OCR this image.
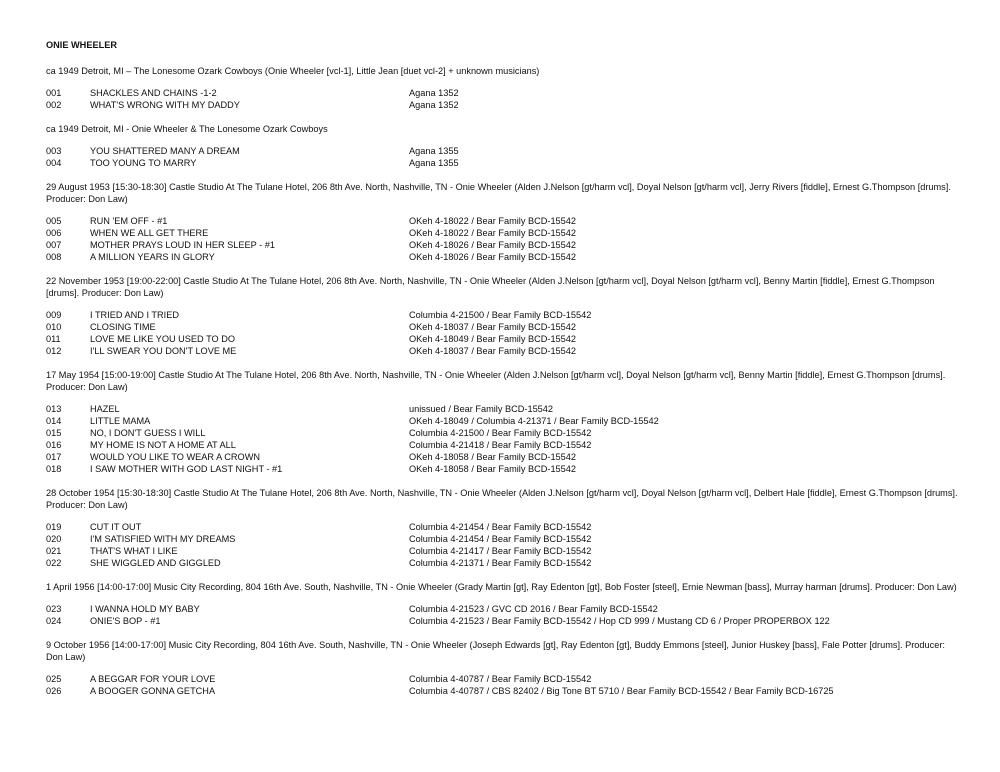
ONIE WHEELER
ca 1949 Detroit, MI – The Lonesome Ozark Cowboys (Onie Wheeler [vcl-1], Little Jean [duet vcl-2] + unknown musicians)
001	SHACKLES AND CHAINS -1-2	Agana 1352
002	WHAT'S WRONG WITH MY DADDY	Agana 1352
ca 1949 Detroit, MI - Onie Wheeler & The Lonesome Ozark Cowboys
003	YOU SHATTERED MANY A DREAM	Agana 1355
004	TOO YOUNG TO MARRY	Agana 1355
29 August 1953 [15:30-18:30] Castle Studio At The Tulane Hotel, 206 8th Ave. North, Nashville, TN - Onie Wheeler (Alden J.Nelson [gt/harm vcl], Doyal Nelson [gt/harm vcl], Jerry Rivers [fiddle], Ernest G.Thompson [drums]. Producer: Don Law)
005	RUN 'EM OFF - #1	OKeh 4-18022 / Bear Family BCD-15542
006	WHEN WE ALL GET THERE	OKeh 4-18022 / Bear Family BCD-15542
007	MOTHER PRAYS LOUD IN HER SLEEP - #1	OKeh 4-18026 / Bear Family BCD-15542
008	A MILLION YEARS IN GLORY	OKeh 4-18026 / Bear Family BCD-15542
22 November 1953 [19:00-22:00] Castle Studio At The Tulane Hotel, 206 8th Ave. North, Nashville, TN - Onie Wheeler (Alden J.Nelson [gt/harm vcl], Doyal Nelson [gt/harm vcl], Benny Martin [fiddle], Ernest G.Thompson [drums]. Producer: Don Law)
009	I TRIED AND I TRIED	Columbia 4-21500 / Bear Family BCD-15542
010	CLOSING TIME	OKeh 4-18037 / Bear Family BCD-15542
011	LOVE ME LIKE YOU USED TO DO	OKeh 4-18049 / Bear Family BCD-15542
012	I'LL SWEAR YOU DON'T LOVE ME	OKeh 4-18037 / Bear Family BCD-15542
17 May 1954 [15:00-19:00] Castle Studio At The Tulane Hotel, 206 8th Ave. North, Nashville, TN - Onie Wheeler (Alden J.Nelson [gt/harm vcl], Doyal Nelson [gt/harm vcl], Benny Martin [fiddle], Ernest G.Thompson [drums]. Producer: Don Law)
013	HAZEL	unissued / Bear Family BCD-15542
014	LITTLE MAMA	OKeh 4-18049 / Columbia 4-21371 / Bear Family BCD-15542
015	NO, I DON'T GUESS I WILL	Columbia 4-21500 / Bear Family BCD-15542
016	MY HOME IS NOT A HOME AT ALL	Columbia 4-21418 / Bear Family BCD-15542
017	WOULD YOU LIKE TO WEAR A CROWN	OKeh 4-18058 / Bear Family BCD-15542
018	I SAW MOTHER WITH GOD LAST NIGHT - #1	OKeh 4-18058 / Bear Family BCD-15542
28 October 1954 [15:30-18:30] Castle Studio At The Tulane Hotel, 206 8th Ave. North, Nashville, TN - Onie Wheeler (Alden J.Nelson [gt/harm vcl], Doyal Nelson [gt/harm vcl], Delbert Hale [fiddle], Ernest G.Thompson [drums]. Producer: Don Law)
019	CUT IT OUT	Columbia 4-21454 / Bear Family BCD-15542
020	I'M SATISFIED WITH MY DREAMS	Columbia 4-21454 / Bear Family BCD-15542
021	THAT'S WHAT I LIKE	Columbia 4-21417 / Bear Family BCD-15542
022	SHE WIGGLED AND GIGGLED	Columbia 4-21371 / Bear Family BCD-15542
1 April 1956 [14:00-17:00] Music City Recording, 804 16th Ave. South, Nashville, TN - Onie Wheeler (Grady Martin [gt], Ray Edenton [gt], Bob Foster [steel], Ernie Newman [bass], Murray harman [drums]. Producer: Don Law)
023	I WANNA HOLD MY BABY	Columbia 4-21523 / GVC CD 2016 / Bear Family BCD-15542
024	ONIE'S BOP - #1	Columbia 4-21523 / Bear Family BCD-15542 / Hop CD 999 / Mustang CD 6 / Proper PROPERBOX 122
9 October 1956 [14:00-17:00] Music City Recording, 804 16th Ave. South, Nashville, TN - Onie Wheeler (Joseph Edwards [gt], Ray Edenton [gt], Buddy Emmons [steel], Junior Huskey [bass], Fale Potter [drums]. Producer: Don Law)
025	A BEGGAR FOR YOUR LOVE	Columbia 4-40787 / Bear Family BCD-15542
026	A BOOGER GONNA GETCHA	Columbia 4-40787 / CBS 82402 / Big Tone BT 5710 / Bear Family BCD-15542 / Bear Family BCD-16725
